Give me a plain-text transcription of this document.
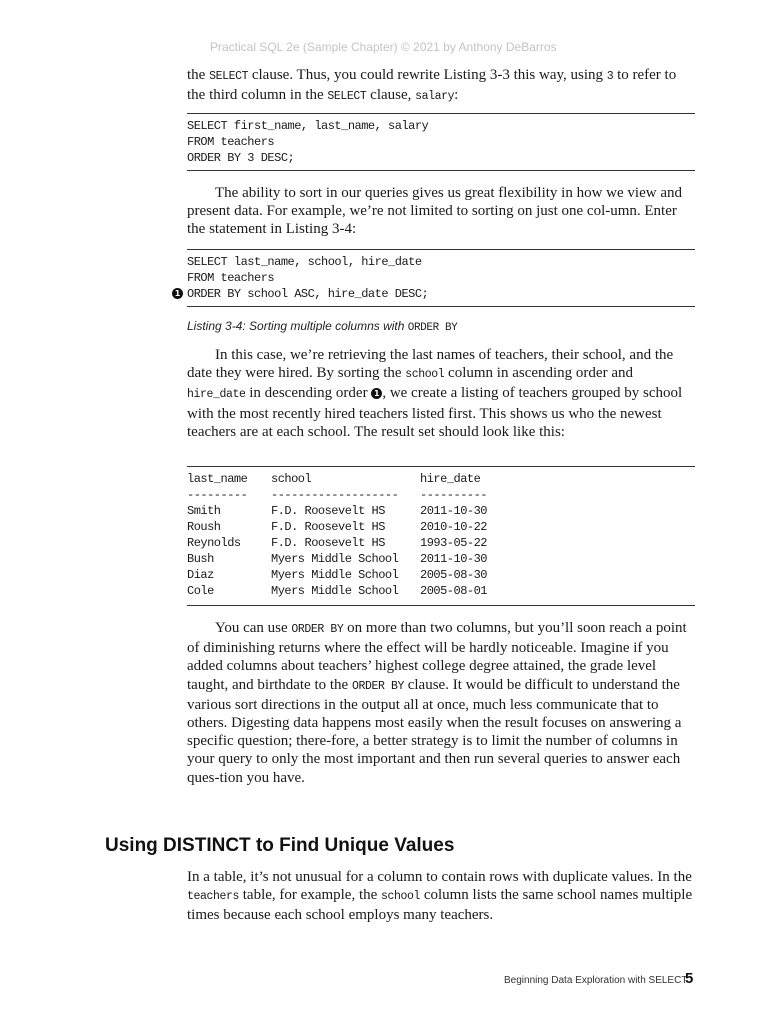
Practical SQL 2e (Sample Chapter) © 2021 by Anthony DeBarros

the SELECT clause. Thus, you could rewrite Listing 3-3 this way, using 3 to refer to the third column in the SELECT clause, salary:

SELECT first_name, last_name, salary
FROM teachers
ORDER BY 3 DESC;

The ability to sort in our queries gives us great flexibility in how we view and present data. For example, we’re not limited to sorting on just one col-umn. Enter the statement in Listing 3-4:

SELECT last_name, school, hire_date
FROM teachers
1 ORDER BY school ASC, hire_date DESC;
Listing 3-4: Sorting multiple columns with ORDER BY

In this case, we’re retrieving the last names of teachers, their school, and the date they were hired. By sorting the school column in ascending order and hire_date in descending order 1 , we create a listing of teachers grouped by school with the most recently hired teachers listed first. This shows us who the newest teachers are at each school. The result set should look like this:

last_name	school	hire_date
---------	-------------------	----------
Smith	F.D. Roosevelt HS	2011-10-30
Roush	F.D. Roosevelt HS	2010-10-22
Reynolds	F.D. Roosevelt HS	1993-05-22
Bush	Myers Middle School	2011-10-30
Diaz	Myers Middle School	2005-08-30
Cole	Myers Middle School	2005-08-01

You can use ORDER BY on more than two columns, but you’ll soon reach a point of diminishing returns where the effect will be hardly noticeable. Imagine if you added columns about teachers’ highest college degree attained, the grade level taught, and birthdate to the ORDER BY clause. It would be difficult to understand the various sort directions in the output all at once, much less communicate that to others. Digesting data happens most easily when the result focuses on answering a specific question; there-fore, a better strategy is to limit the number of columns in your query to only the most important and then run several queries to answer each ques-tion you have.

Using DISTINCT to Find Unique Values

In a table, it’s not unusual for a column to contain rows with duplicate values. In the teachers table, for example, the school column lists the same school names multiple times because each school employs many teachers.

Beginning Data Exploration with SELECT
5
